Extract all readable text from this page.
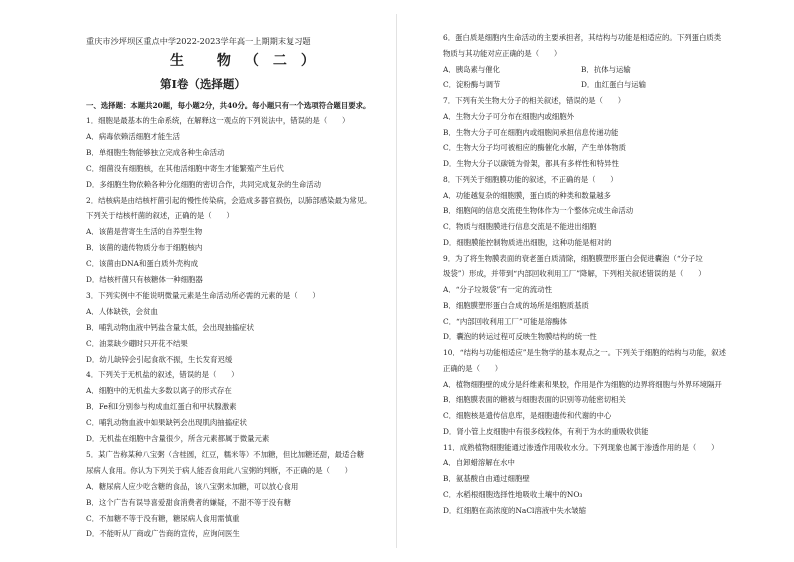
重庆市沙坪坝区重点中学2022-2023学年高一上期期末复习题
生 物（二）
第Ⅰ卷（选择题）
一、选择题：本题共20题，每小题2分，共40分。每小题只有一个选项符合题目要求。
1．细胞是最基本的生命系统，在解释这一观点的下列说法中，错误的是（　　）
A．病毒依赖活细胞才能生活
B．单细胞生物能够独立完成各种生命活动
C．细菌没有细胞核，在其他活细胞中寄生才能繁殖产生后代
D．多细胞生物依赖各种分化细胞的密切合作，共同完成复杂的生命活动
2．结核病是由结核杆菌引起的慢性传染病，会造成多器官损伤，以肺部感染最为常见。
下列关于结核杆菌的叙述，正确的是（　　）
A．该菌是营寄生生活的自养型生物
B．该菌的遗传物质分布于细胞核内
C．该菌由DNA和蛋白质外壳构成
D．结核杆菌只有核糖体一种细胞器
3．下列实例中不能说明微量元素是生命活动所必需的元素的是（　　）
A．人体缺铁，会贫血
B．哺乳动物血液中钙盐含量太低，会出现抽搐症状
C．油菜缺少硼时只开花不结果
D．幼儿缺锌会引起食欲不振，生长发育迟缓
4．下列关于无机盐的叙述，错误的是（　　）
A．细胞中的无机盐大多数以离子的形式存在
B．Fe和I分别参与构成血红蛋白和甲状腺激素
C．哺乳动物血液中如果缺钙会出现肌肉抽搐症状
D．无机盐在细胞中含量很少，所含元素都属于微量元素
5．某广告称某种八宝粥（含桂圆，红豆，糯米等）不加糖，但比加糖还甜，最适合糖
尿病人食用。你认为下列关于病人能否食用此八宝粥的判断，不正确的是（　　）
A．糖尿病人应少吃含糖的食品，该八宝粥未加糖，可以放心食用
B．这个广告有误导喜爱甜食消费者的嫌疑，不甜不等于没有糖
C．不加糖不等于没有糖，糖尿病人食用需慎重
D．不能听从厂商或广告商的宣传，应询问医生
6．蛋白质是细胞内生命活动的主要承担者，其结构与功能是相适应的。下列蛋白质类
物质与其功能对应正确的是（　　）
A．胰岛素与催化	B．抗体与运输
C．淀粉酶与调节	D．血红蛋白与运输
7．下列有关生物大分子的相关叙述，错误的是（　　）
A．生物大分子可分布在细胞内或细胞外
B．生物大分子可在细胞内或细胞间承担信息传递功能
C．生物大分子均可被相应的酶催化水解，产生单体物质
D．生物大分子以碳链为骨架，都具有多样性和特异性
8．下列关于细胞膜功能的叙述，不正确的是（　　）
A．功能越复杂的细胞膜，蛋白质的种类和数量越多
B．细胞间的信息交流使生物体作为一个整体完成生命活动
C．物质与细胞膜进行信息交流是不能进出细胞
D．细胞膜能控制物质进出细胞，这种功能是相对的
9．为了将生物膜表面的衰老蛋白质清除，细胞膜塑形蛋白会促进囊泡（“分子垃
圾袋”）形成，并带到“内部回收利用工厂”降解，下列相关叙述错误的是（　　）
A．“分子垃圾袋”有一定的流动性
B．细胞膜塑形蛋白合成的场所是细胞质基质
C．“内部回收利用工厂”可能是溶酶体
D．囊泡的转运过程可反映生物膜结构的统一性
10．“结构与功能相适应”是生物学的基本观点之一。下列关于细胞的结构与功能，叙述
正确的是（　　）
A．植物细胞壁的成分是纤维素和果胶，作用是作为细胞的边界将细胞与外界环境隔开
B．细胞膜表面的糖被与细胞表面的识别等功能密切相关
C．细胞核是遗传信息库，是细胞遗传和代谢的中心
D．肾小管上皮细胞中有很多线粒体，有利于为水的重吸收供能
11．成熟植物细胞能通过渗透作用吸收水分。下列现象也属于渗透作用的是（　　）
A．自卸蜡溶解在水中
B．氨基酸自由通过细胞壁
C．水稻根细胞选择性地吸收土壤中的NO₃
D．红细胞在高浓度的NaCl溶液中失水皱缩
